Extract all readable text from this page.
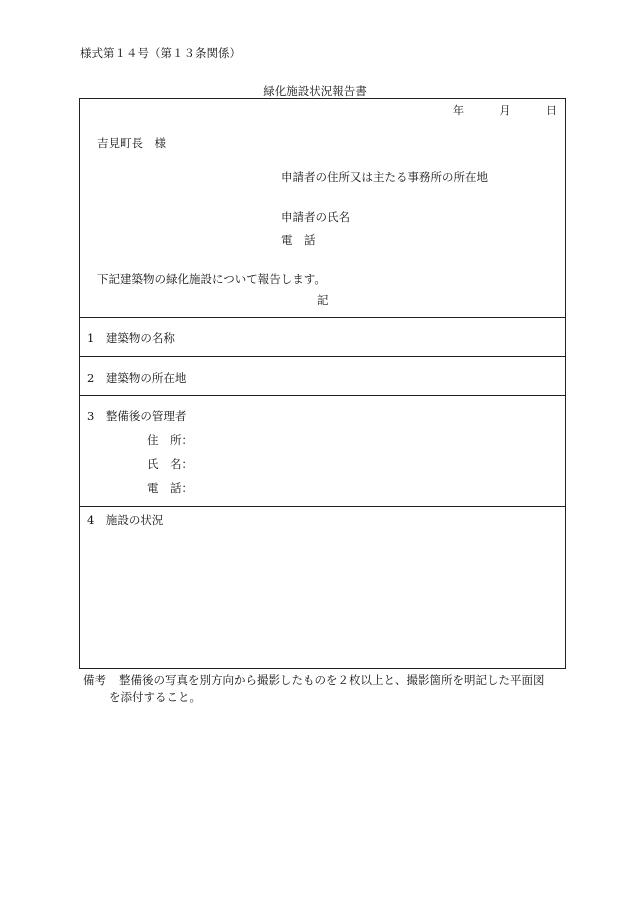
様式第１４号（第１３条関係）
緑化施設状況報告書
年	月	日
吉見町長　様
申請者の住所又は主たる事務所の所在地
申請者の氏名
電　話
下記建築物の緑化施設について報告します。
記
1　建築物の名称
2　建築物の所在地
3　整備後の管理者
住　所：
氏　名：
電　話：
4　施設の状況
備考 整備後の写真を別方向から撮影したものを２枚以上と、撮影箇所を明記した平面図
を添付すること。
